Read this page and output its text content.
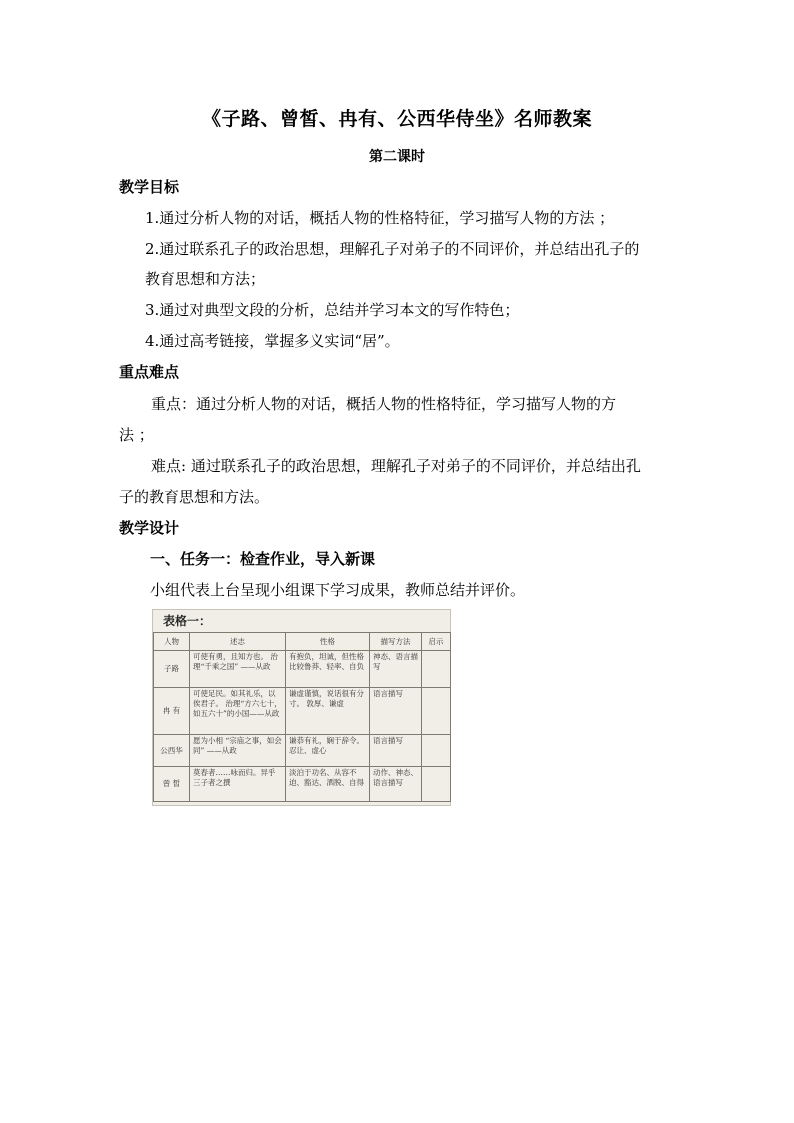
《子路、曾皙、冉有、公西华侍坐》名师教案
第二课时
教学目标
1.通过分析人物的对话，概括人物的性格特征，学习描写人物的方法 ；
2.通过联系孔子的政治思想，理解孔子对弟子的不同评价，并总结出孔子的
教育思想和方法；
3.通过对典型文段的分析，总结并学习本文的写作特色；
4.通过高考链接，掌握多义实词“居”。
重点难点
重点：通过分析人物的对话，概括人物的性格特征，学习描写人物的方
法 ；
难点: 通过联系孔子的政治思想，理解孔子对弟子的不同评价，并总结出孔
子的教育思想和方法。
教学设计
一、任务一：检查作业，导入新课
小组代表上台呈现小组课下学习成果，教师总结并评价。
表格一：
人物	述志	性格	描写方法	启示
子路	可使有勇，且知方也。 治理“千乘之国” ——从政	有抱负，坦诚，但性格比较鲁莽、轻率、自负	神态、语言描写	
冉 有	可使足民。如其礼乐，以俟君子。 治理“方六七十，如五六十”的小国——从政	谦虚谨慎，说话很有分寸。 敦厚、谦虚	语言描写	
公西华	愿为小相 “宗庙之事，如会同” ——从政	谦恭有礼，娴于辞令。忍让、虚心	语言描写	
曾 皙	莫春者……咏而归。异乎三子者之撰	淡泊于功名、从容不迫、豁达、洒脱、自得	动作、神态、语言描写	
